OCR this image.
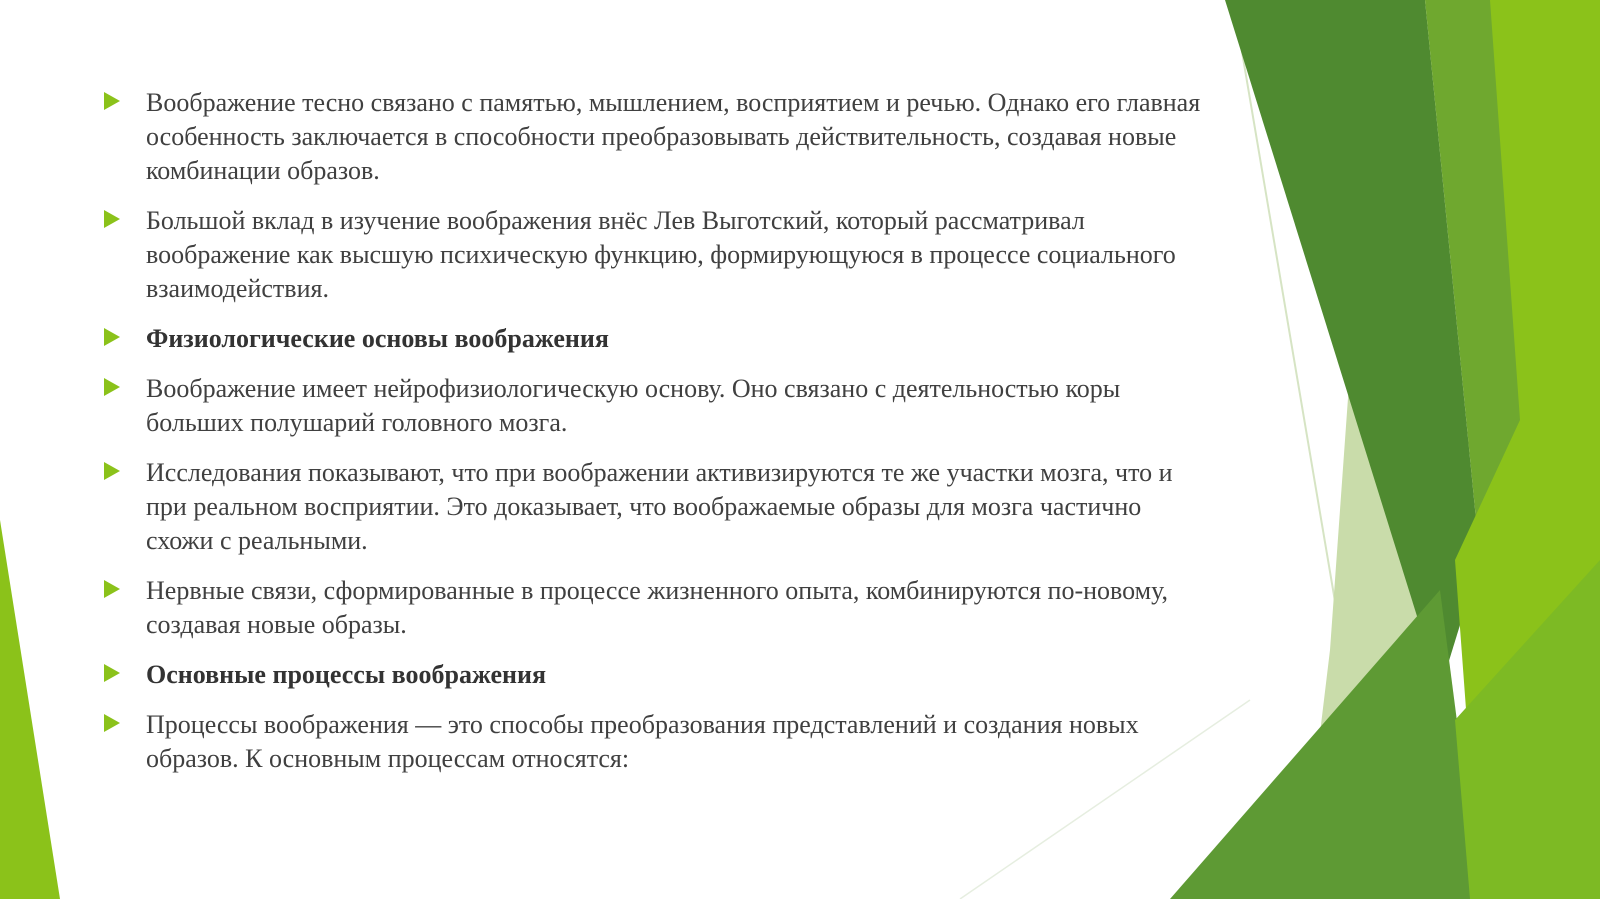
Воображение тесно связано с памятью, мышлением, восприятием и речью. Однако его главная особенность заключается в способности преобразовывать действительность, создавая новые комбинации образов.
Большой вклад в изучение воображения внёс Лев Выготский, который рассматривал воображение как высшую психическую функцию, формирующуюся в процессе социального взаимодействия.
Физиологические основы воображения
Воображение имеет нейрофизиологическую основу. Оно связано с деятельностью коры больших полушарий головного мозга.
Исследования показывают, что при воображении активизируются те же участки мозга, что и при реальном восприятии. Это доказывает, что воображаемые образы для мозга частично схожи с реальными.
Нервные связи, сформированные в процессе жизненного опыта, комбинируются по-новому, создавая новые образы.
Основные процессы воображения
Процессы воображения — это способы преобразования представлений и создания новых образов. К основным процессам относятся:
